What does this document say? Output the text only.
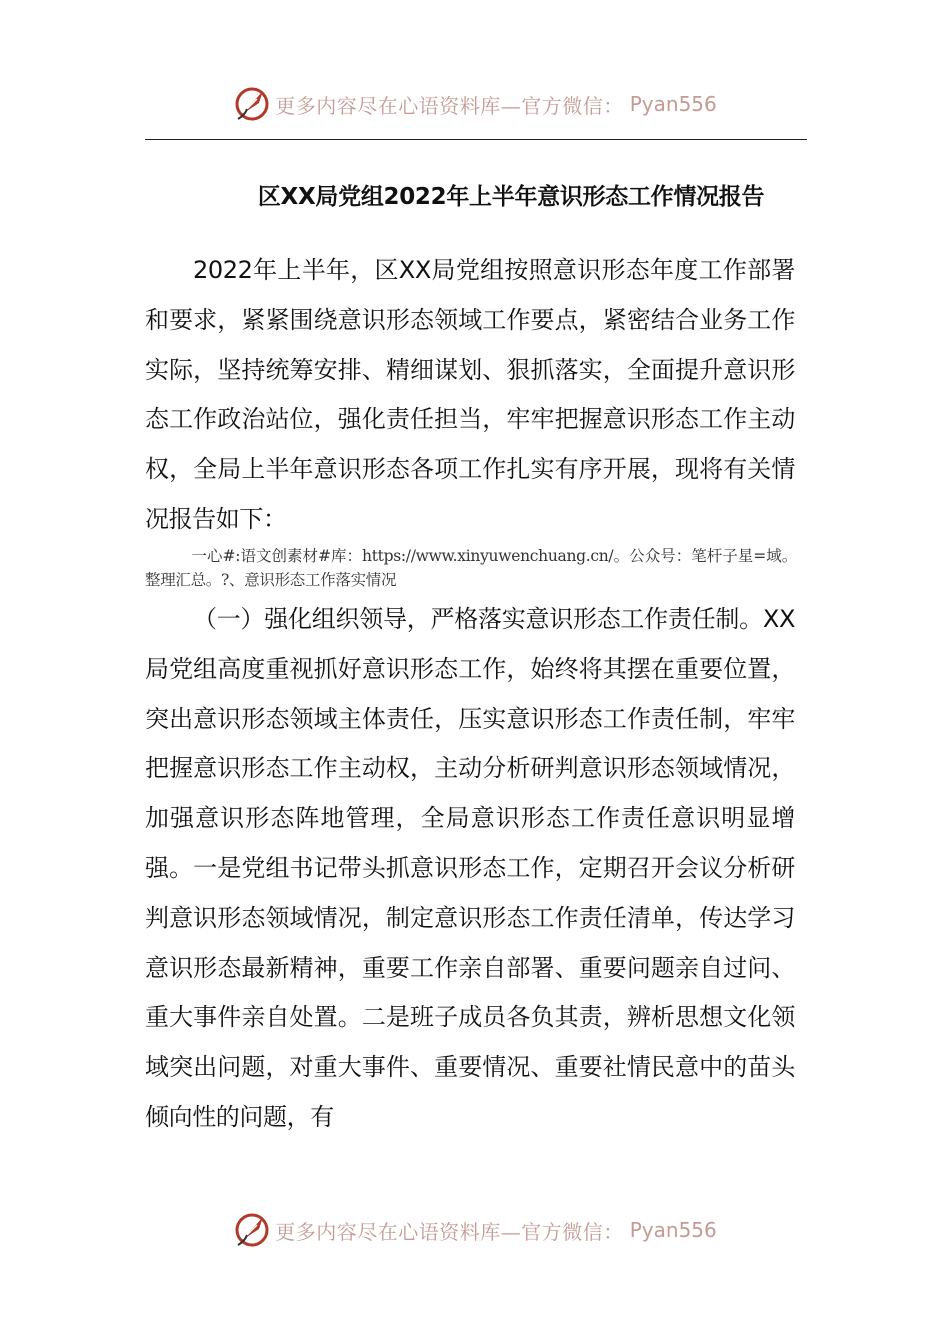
更多内容尽在心语资料库—官方微信： Pyan556
区XX局党组2022年上半年意识形态工作情况报告

2022年上半年，区XX局党组按照意识形态年度工作部署和要求，紧紧围绕意识形态领域工作要点，紧密结合业务工作实际，坚持统筹安排、精细谋划、狠抓落实，全面提升意识形态工作政治站位，强化责任担当，牢牢把握意识形态工作主动权，全局上半年意识形态各项工作扎实有序开展，现将有关情况报告如下：

一心#:语文创素材#库：https://www.xinyuwenchuang.cn/。公众号：笔杆子星=域。整理汇总。?、意识形态工作落实情况

（一）强化组织领导，严格落实意识形态工作责任制。XX局党组高度重视抓好意识形态工作，始终将其摆在重要位置，突出意识形态领域主体责任，压实意识形态工作责任制，牢牢把握意识形态工作主动权，主动分析研判意识形态领域情况，加强意识形态阵地管理，全局意识形态工作责任意识明显增强。一是党组书记带头抓意识形态工作，定期召开会议分析研判意识形态领域情况，制定意识形态工作责任清单，传达学习意识形态最新精神，重要工作亲自部署、重要问题亲自过问、重大事件亲自处置。二是班子成员各负其责，辨析思想文化领域突出问题，对重大事件、重要情况、重要社情民意中的苗头倾向性的问题，有

更多内容尽在心语资料库—官方微信： Pyan556
